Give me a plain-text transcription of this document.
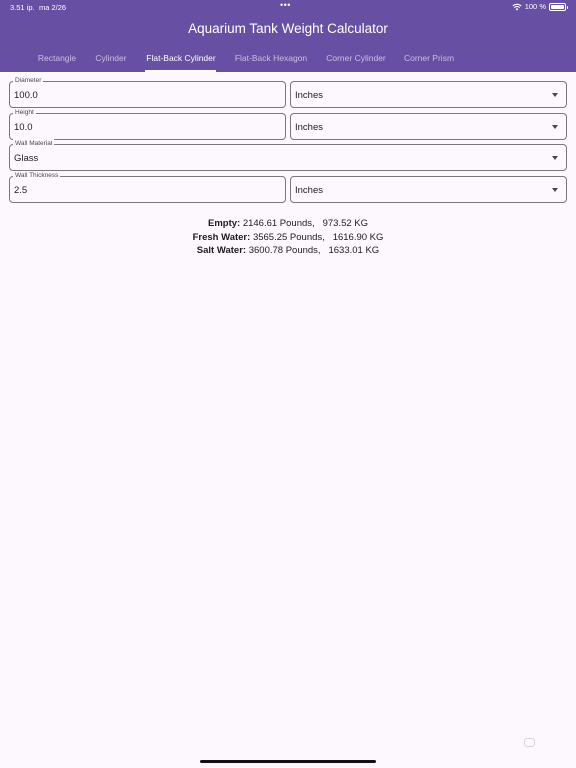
3.51 ip. ma 2/26	•••	100 %
Aquarium Tank Weight Calculator
Rectangle Cylinder Flat-Back Cylinder Flat-Back Hexagon Corner Cylinder Corner Prism
Diameter
100.0	Inches
Height
10.0	Inches
Wall Material
Glass
Wall Thickness
2.5	Inches
Empty: 2146.61 Pounds,   973.52 KG
Fresh Water: 3565.25 Pounds,   1616.90 KG
Salt Water: 3600.78 Pounds,   1633.01 KG
